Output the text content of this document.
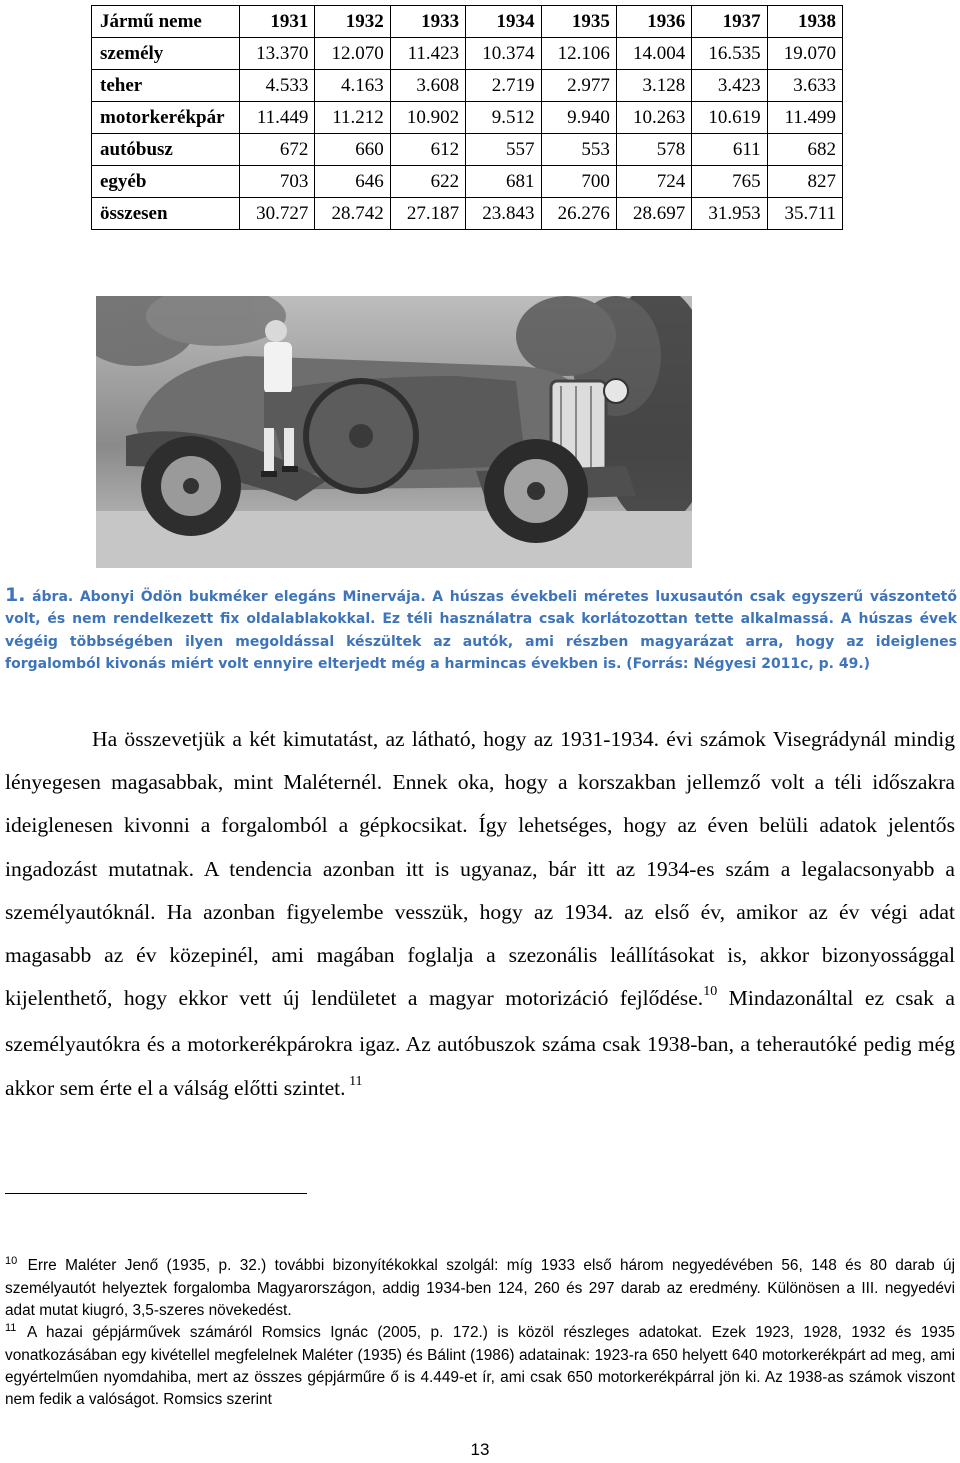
Jármű neme	1931	1932	1933	1934	1935	1936	1937	1938
személy	13.370	12.070	11.423	10.374	12.106	14.004	16.535	19.070
teher	4.533	4.163	3.608	2.719	2.977	3.128	3.423	3.633
motorkerékpár	11.449	11.212	10.902	9.512	9.940	10.263	10.619	11.499
autóbusz	672	660	612	557	553	578	611	682
egyéb	703	646	622	681	700	724	765	827
összesen	30.727	28.742	27.187	23.843	26.276	28.697	31.953	35.711

1. ábra. Abonyi Ödön bukméker elegáns Minervája. A húszas évekbeli méretes luxusautón csak egyszerű vászontető volt, és nem rendelkezett fix oldalablakokkal. Ez téli használatra csak korlátozottan tette alkalmassá. A húszas évek végéig többségében ilyen megoldással készültek az autók, ami részben magyarázat arra, hogy az ideiglenes forgalomból kivonás miért volt ennyire elterjedt még a harmincas években is. (Forrás: Négyesi 2011c, p. 49.)

Ha összevetjük a két kimutatást, az látható, hogy az 1931-1934. évi számok Visegrádynál mindig lényegesen magasabbak, mint Maléternél. Ennek oka, hogy a korszakban jellemző volt a téli időszakra ideiglenesen kivonni a forgalomból a gépkocsikat. Így lehetséges, hogy az éven belüli adatok jelentős ingadozást mutatnak. A tendencia azonban itt is ugyanaz, bár itt az 1934-es szám a legalacsonyabb a személyautóknál. Ha azonban figyelembe vesszük, hogy az 1934. az első év, amikor az év végi adat magasabb az év közepinél, ami magában foglalja a szezonális leállításokat is, akkor bizonyossággal kijelenthető, hogy ekkor vett új lendületet a magyar motorizáció fejlődése.$^{10}$ Mindazonáltal ez csak a személyautókra és a motorkerékpárokra igaz. Az autóbuszok száma csak 1938-ban, a teherautóké pedig még akkor sem érte el a válság előtti szintet. $^{11}$

$^{10}$ Erre Maléter Jenő (1935, p. 32.) további bizonyítékokkal szolgál: míg 1933 első három negyedévében 56, 148 és 80 darab új személyautót helyeztek forgalomba Magyarországon, addig 1934-ben 124, 260 és 297 darab az eredmény. Különösen a III. negyedévi adat mutat kiugró, 3,5-szeres növekedést.

$^{11}$ A hazai gépjárművek számáról Romsics Ignác (2005, p. 172.) is közöl részleges adatokat. Ezek 1923, 1928, 1932 és 1935 vonatkozásában egy kivétellel megfelelnek Maléter (1935) és Bálint (1986) adatainak: 1923-ra 650 helyett 640 motorkerékpárt ad meg, ami egyértelműen nyomdahiba, mert az összes gépjárműre ő is 4.449-et ír, ami csak 650 motorkerékpárral jön ki. Az 1938-as számok viszont nem fedik a valóságot. Romsics szerint

13
